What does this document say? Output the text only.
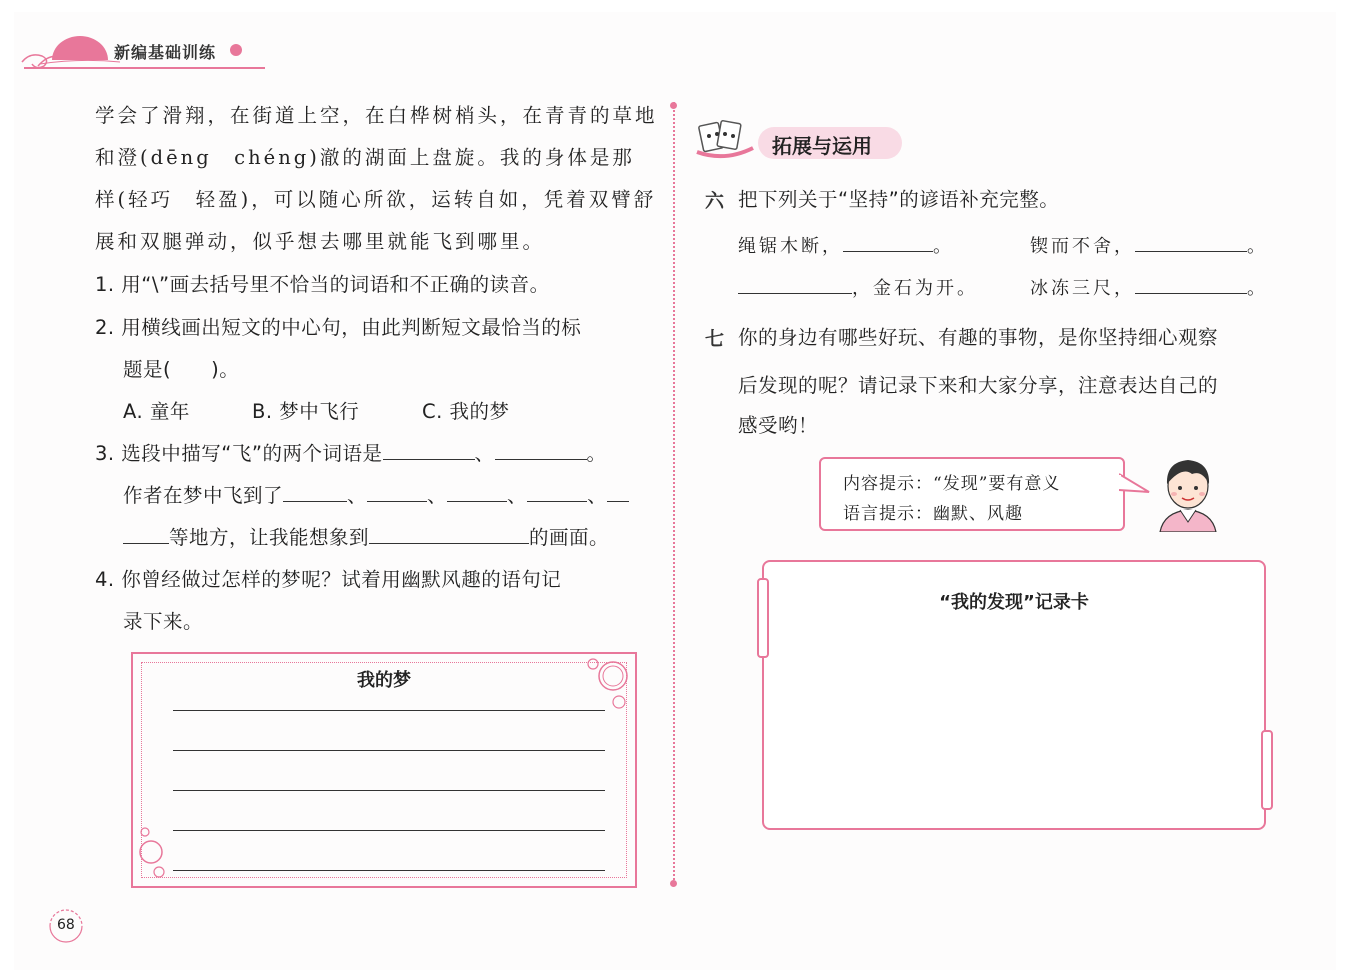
新编基础训练
学会了滑翔，在街道上空，在白桦树梢头，在青青的草地
和澄(dēng　chéng)澈的湖面上盘旋。我的身体是那
样(轻巧　轻盈)，可以随心所欲，运转自如，凭着双臂舒
展和双腿弹动，似乎想去哪里就能飞到哪里。
1. 用“\”画去括号里不恰当的词语和不正确的读音。
2. 用横线画出短文的中心句，由此判断短文最恰当的标
题是(　　)。
A. 童年	B. 梦中飞行	C. 我的梦
3. 选段中描写“飞”的两个词语是	、	。
作者在梦中飞到了	、	、	、	、
等地方，让我能想象到	的画面。
4. 你曾经做过怎样的梦呢？试着用幽默风趣的语句记
录下来。
我的梦
68
拓展与运用
六 把下列关于“坚持”的谚语补充完整。
绳锯木断，	。	锲而不舍，	。
，金石为开。	冰冻三尺，	。
七 你的身边有哪些好玩、有趣的事物，是你坚持细心观察
后发现的呢？请记录下来和大家分享，注意表达自己的
感受哟！
内容提示：“发现”要有意义
语言提示：幽默、风趣
“我的发现”记录卡
